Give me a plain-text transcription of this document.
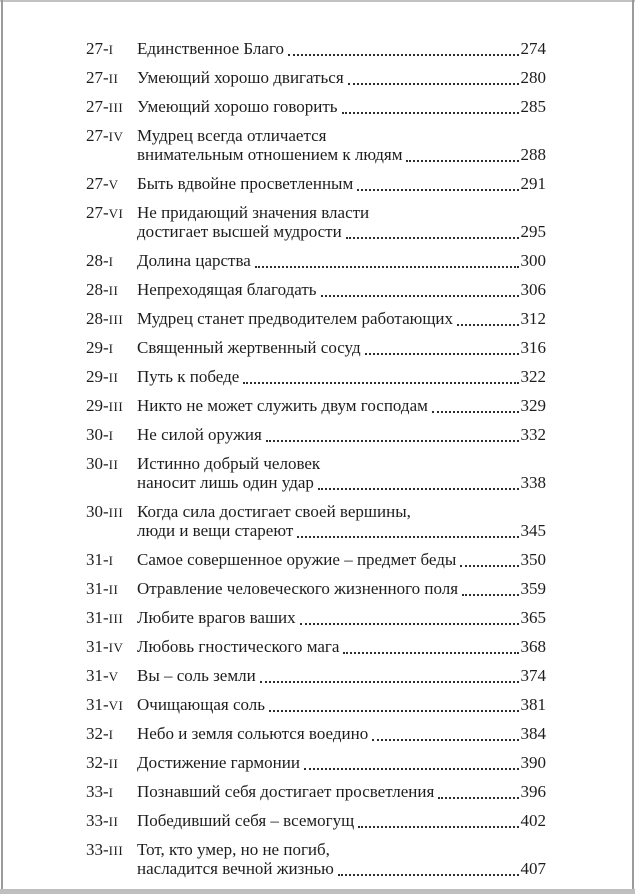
27-I	Единственное Благо	274
27-II	Умеющий хорошо двигаться	280
27-III Умеющий хорошо говорить	285
27-IV Мудрец всегда отличается
внимательным отношением к людям	288
27-V	Быть вдвойне просветленным	291
27-VI Не придающий значения власти
достигает высшей мудрости	295
28-I	Долина царства	300
28-II	Непреходящая благодать	306
28-III Мудрец станет предводителем работающих	312
29-I	Священный жертвенный сосуд	316
29-II	Путь к победе	322
29-III Никто не может служить двум господам	329
30-I	Не силой оружия	332
30-II	Истинно добрый человек
наносит лишь один удар	338
30-III Когда сила достигает своей вершины,
люди и вещи стареют	345
31-I	Самое совершенное оружие – предмет беды	350
31-II	Отравление человеческого жизненного поля	359
31-III Любите врагов ваших	365
31-IV Любовь гностического мага	368
31-V	Вы – соль земли	374
31-VI Очищающая соль	381
32-I	Небо и земля сольются воедино	384
32-II	Достижение гармонии	390
33-I	Познавший себя достигает просветления	396
33-II	Победивший себя – всемогущ	402
33-III Тот, кто умер, но не погиб,
насладится вечной жизнью	407
